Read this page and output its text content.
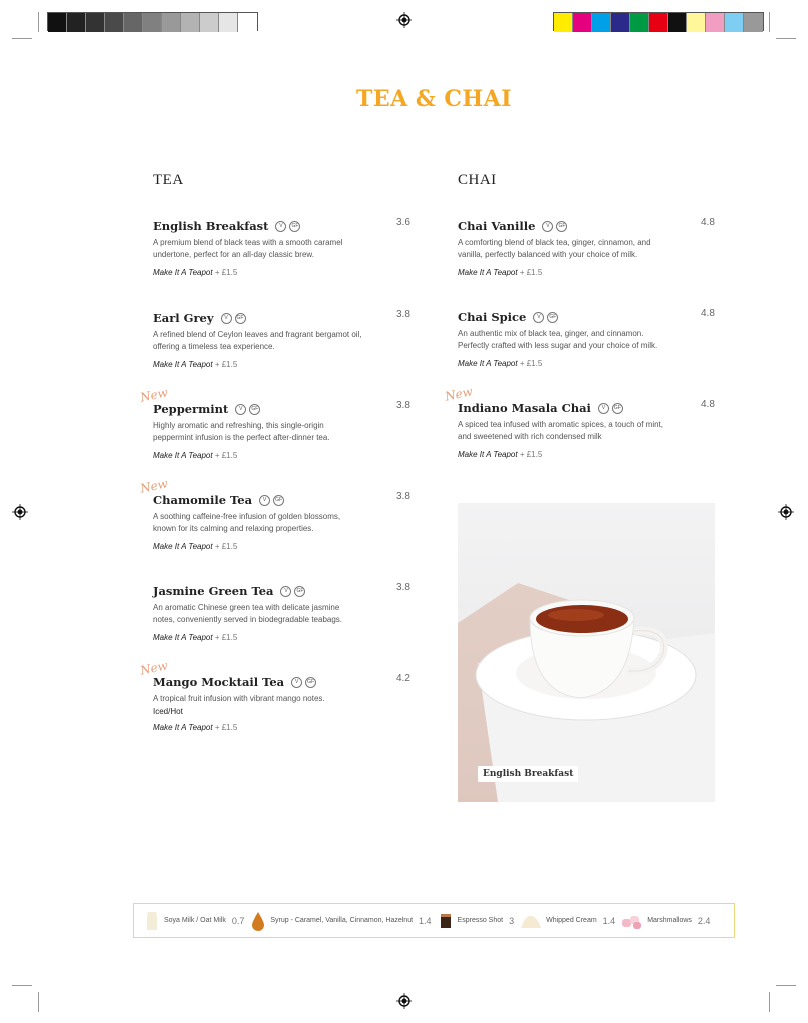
TEA & CHAI
TEA
English Breakfast	V	GF
A premium blend of black teas with a smooth caramel undertone, perfect for an all-day classic brew.
Make It A Teapot + £1.5
3.6
Earl Grey	V	GF
A refined blend of Ceylon leaves and fragrant bergamot oil, offering a timeless tea experience.
Make It A Teapot + £1.5
3.8
Peppermint	V	GF
Highly aromatic and refreshing, this single-origin peppermint infusion is the perfect after-dinner tea.
Make It A Teapot + £1.5
3.8
New
Chamomile Tea	V	GF
A soothing caffeine-free infusion of golden blossoms, known for its calming and relaxing properties.
Make It A Teapot + £1.5
3.8
New
Jasmine Green Tea	V	GF
An aromatic Chinese green tea with delicate jasmine notes, conveniently served in biodegradable teabags.
Make It A Teapot + £1.5
3.8
Mango Mocktail Tea	V	GF
A tropical fruit infusion with vibrant mango notes.
Iced/Hot
Make It A Teapot + £1.5
4.2
New
CHAI
Chai Vanille	V	GF
A comforting blend of black tea, ginger, cinnamon, and vanilla, perfectly balanced with your choice of milk.
Make It A Teapot + £1.5
4.8
Chai Spice	V	GF
An authentic mix of black tea, ginger, and cinnamon. Perfectly crafted with less sugar and your choice of milk.
Make It A Teapot + £1.5
4.8
Indiano Masala Chai	V	GF
A spiced tea infused with aromatic spices, a touch of mint, and sweetened with rich condensed milk
Make It A Teapot + £1.5
4.8
New
English Breakfast
Soya Milk / Oat Milk 0.7	Syrup - Caramel, Vanilla, Cinnamon, Hazelnut 1.4	Espresso Shot 3	Whipped Cream 1.4	Marshmallows 2.4
